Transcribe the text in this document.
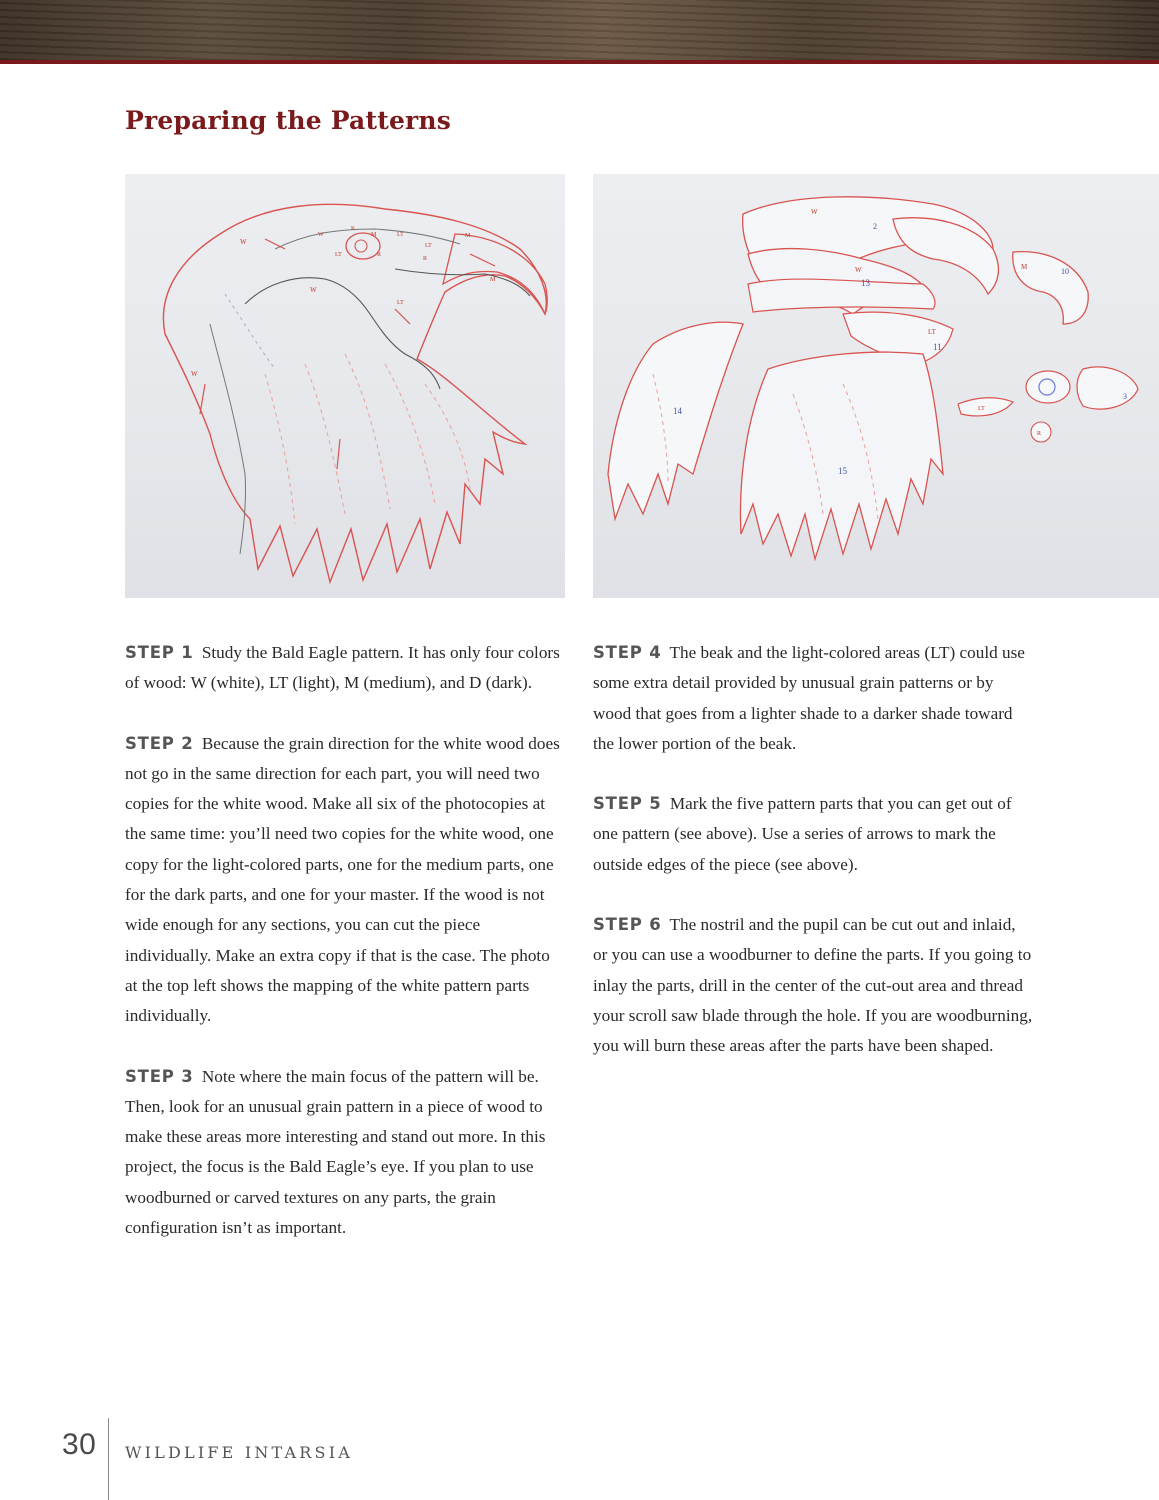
Preparing the Patterns
W
W
K
M	LT
LT
M
M
R
LT
R
W
LT
W
W
2
M
W
13
LT
11
10
14
15
LT
R
3

STEP 1 Study the Bald Eagle pattern. It has only four colors of wood: W (white), LT (light), M (medium), and D (dark).

STEP 2 Because the grain direction for the white wood does not go in the same direction for each part, you will need two copies for the white wood. Make all six of the photocopies at the same time: you’ll need two copies for the white wood, one copy for the light-colored parts, one for the medium parts, one for the dark parts, and one for your master. If the wood is not wide enough for any sections, you can cut the piece individually. Make an extra copy if that is the case. The photo at the top left shows the mapping of the white pattern parts individually.

STEP 3 Note where the main focus of the pattern will be. Then, look for an unusual grain pattern in a piece of wood to make these areas more interesting and stand out more. In this project, the focus is the Bald Eagle’s eye. If you plan to use woodburned or carved textures on any parts, the grain configuration isn’t as important.

STEP 4 The beak and the light-colored areas (LT) could use some extra detail provided by unusual grain patterns or by wood that goes from a lighter shade to a darker shade toward the lower portion of the beak.

STEP 5 Mark the five pattern parts that you can get out of one pattern (see above). Use a series of arrows to mark the outside edges of the piece (see above).

STEP 6 The nostril and the pupil can be cut out and inlaid, or you can use a woodburner to define the parts. If you going to inlay the parts, drill in the center of the cut-out area and thread your scroll saw blade through the hole. If you are woodburning, you will burn these areas after the parts have been shaped.

30 WILDLIFE INTARSIA
